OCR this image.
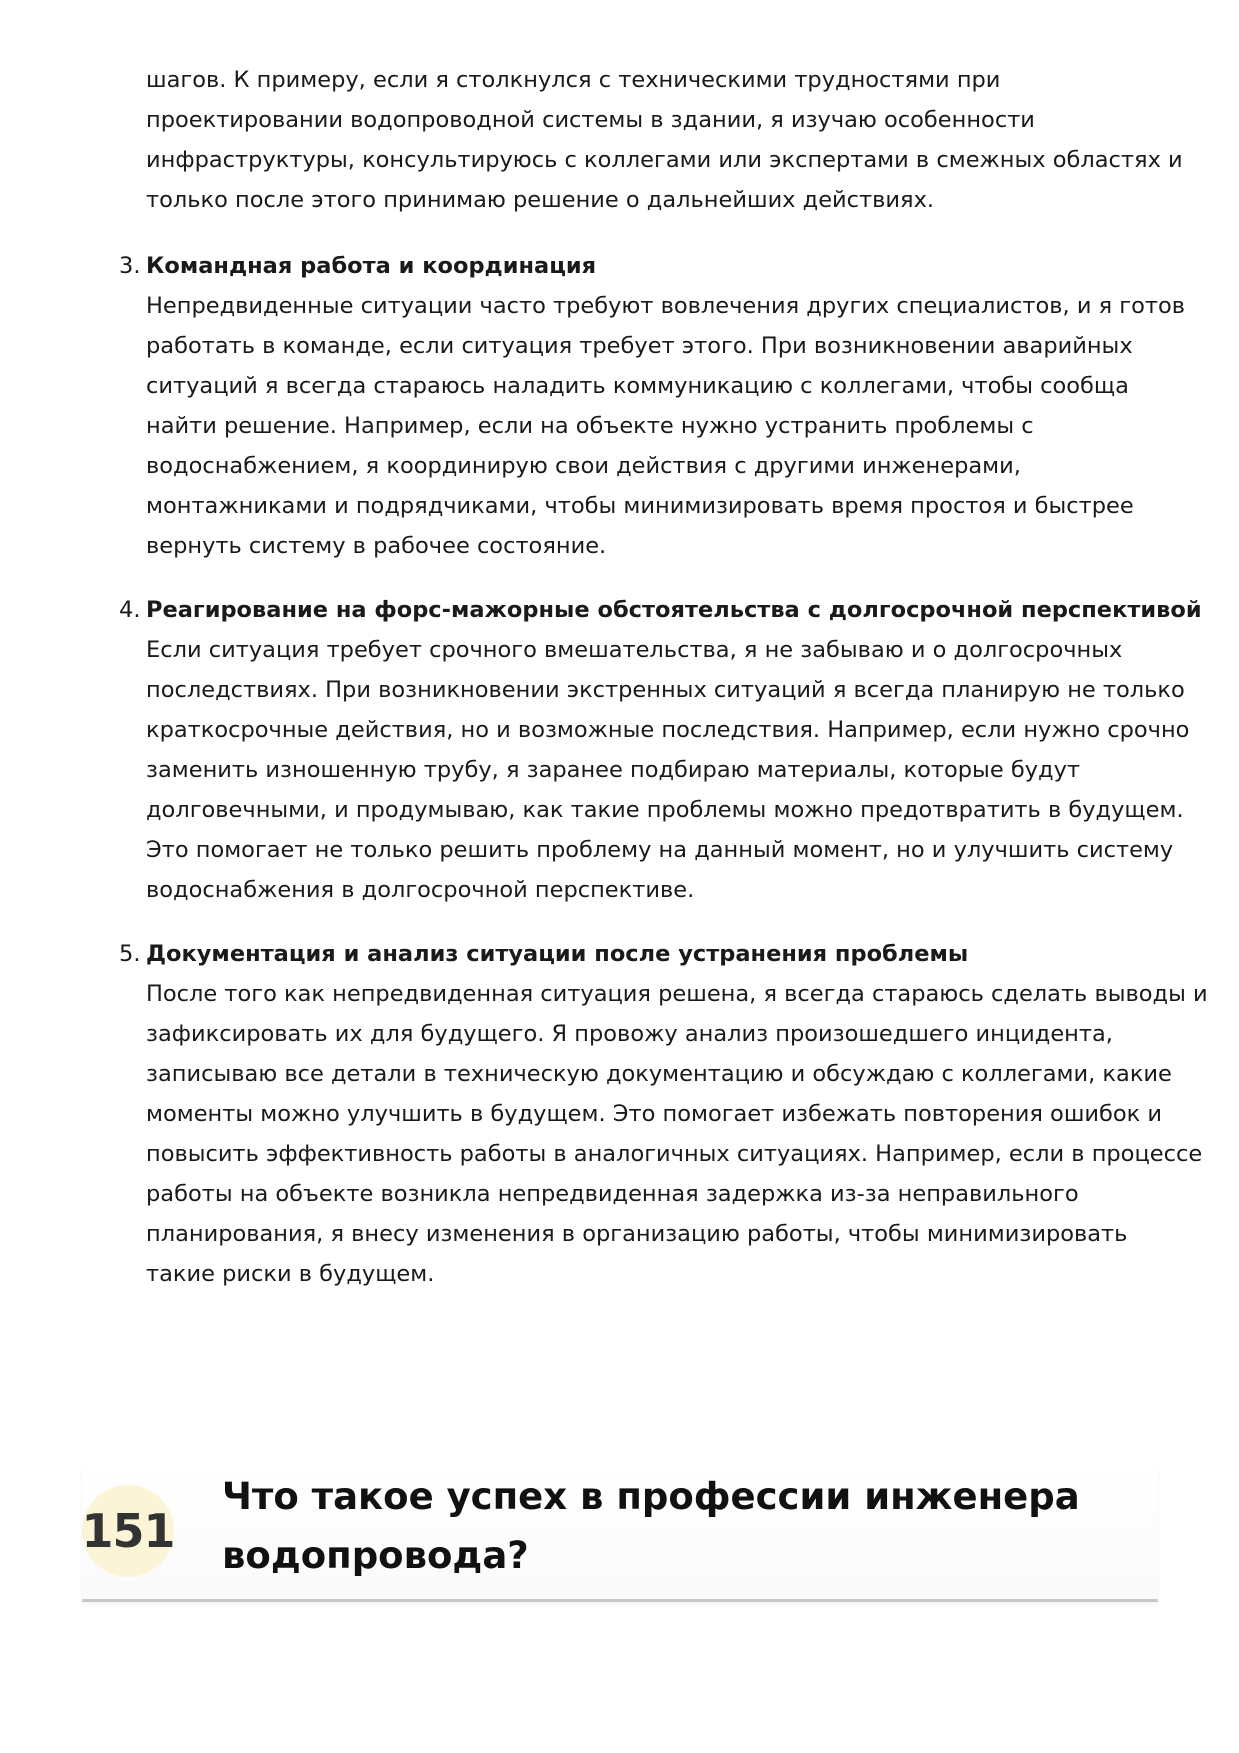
шагов. К примеру, если я столкнулся с техническими трудностями при
проектировании водопроводной системы в здании, я изучаю особенности
инфраструктуры, консультируюсь с коллегами или экспертами в смежных областях и
только после этого принимаю решение о дальнейших действиях.
3. Командная работа и координация
Непредвиденные ситуации часто требуют вовлечения других специалистов, и я готов
работать в команде, если ситуация требует этого. При возникновении аварийных
ситуаций я всегда стараюсь наладить коммуникацию с коллегами, чтобы сообща
найти решение. Например, если на объекте нужно устранить проблемы с
водоснабжением, я координирую свои действия с другими инженерами,
монтажниками и подрядчиками, чтобы минимизировать время простоя и быстрее
вернуть систему в рабочее состояние.
4. Реагирование на форс-мажорные обстоятельства с долгосрочной перспективой
Если ситуация требует срочного вмешательства, я не забываю и о долгосрочных
последствиях. При возникновении экстренных ситуаций я всегда планирую не только
краткосрочные действия, но и возможные последствия. Например, если нужно срочно
заменить изношенную трубу, я заранее подбираю материалы, которые будут
долговечными, и продумываю, как такие проблемы можно предотвратить в будущем.
Это помогает не только решить проблему на данный момент, но и улучшить систему
водоснабжения в долгосрочной перспективе.
5. Документация и анализ ситуации после устранения проблемы
После того как непредвиденная ситуация решена, я всегда стараюсь сделать выводы и
зафиксировать их для будущего. Я провожу анализ произошедшего инцидента,
записываю все детали в техническую документацию и обсуждаю с коллегами, какие
моменты можно улучшить в будущем. Это помогает избежать повторения ошибок и
повысить эффективность работы в аналогичных ситуациях. Например, если в процессе
работы на объекте возникла непредвиденная задержка из-за неправильного
планирования, я внесу изменения в организацию работы, чтобы минимизировать
такие риски в будущем.
151
Что такое успех в профессии инженера
водопровода?
